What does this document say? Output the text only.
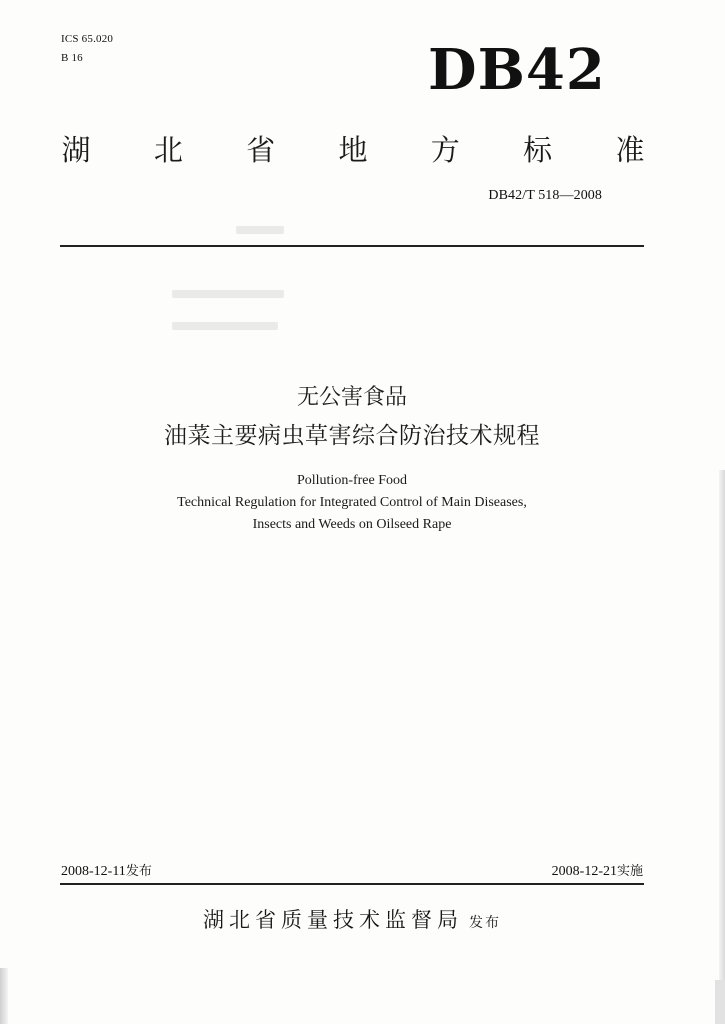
ICS 65.020
B 16	DB42
湖 北 省 地 方 标 准
DB42/T 518—2008
无公害食品
油菜主要病虫草害综合防治技术规程
Pollution-free Food
Technical Regulation for Integrated Control of Main Diseases,
Insects and Weeds on Oilseed Rape
2008-12-11发布	2008-12-21实施
湖北省质量技术监督局 发布
